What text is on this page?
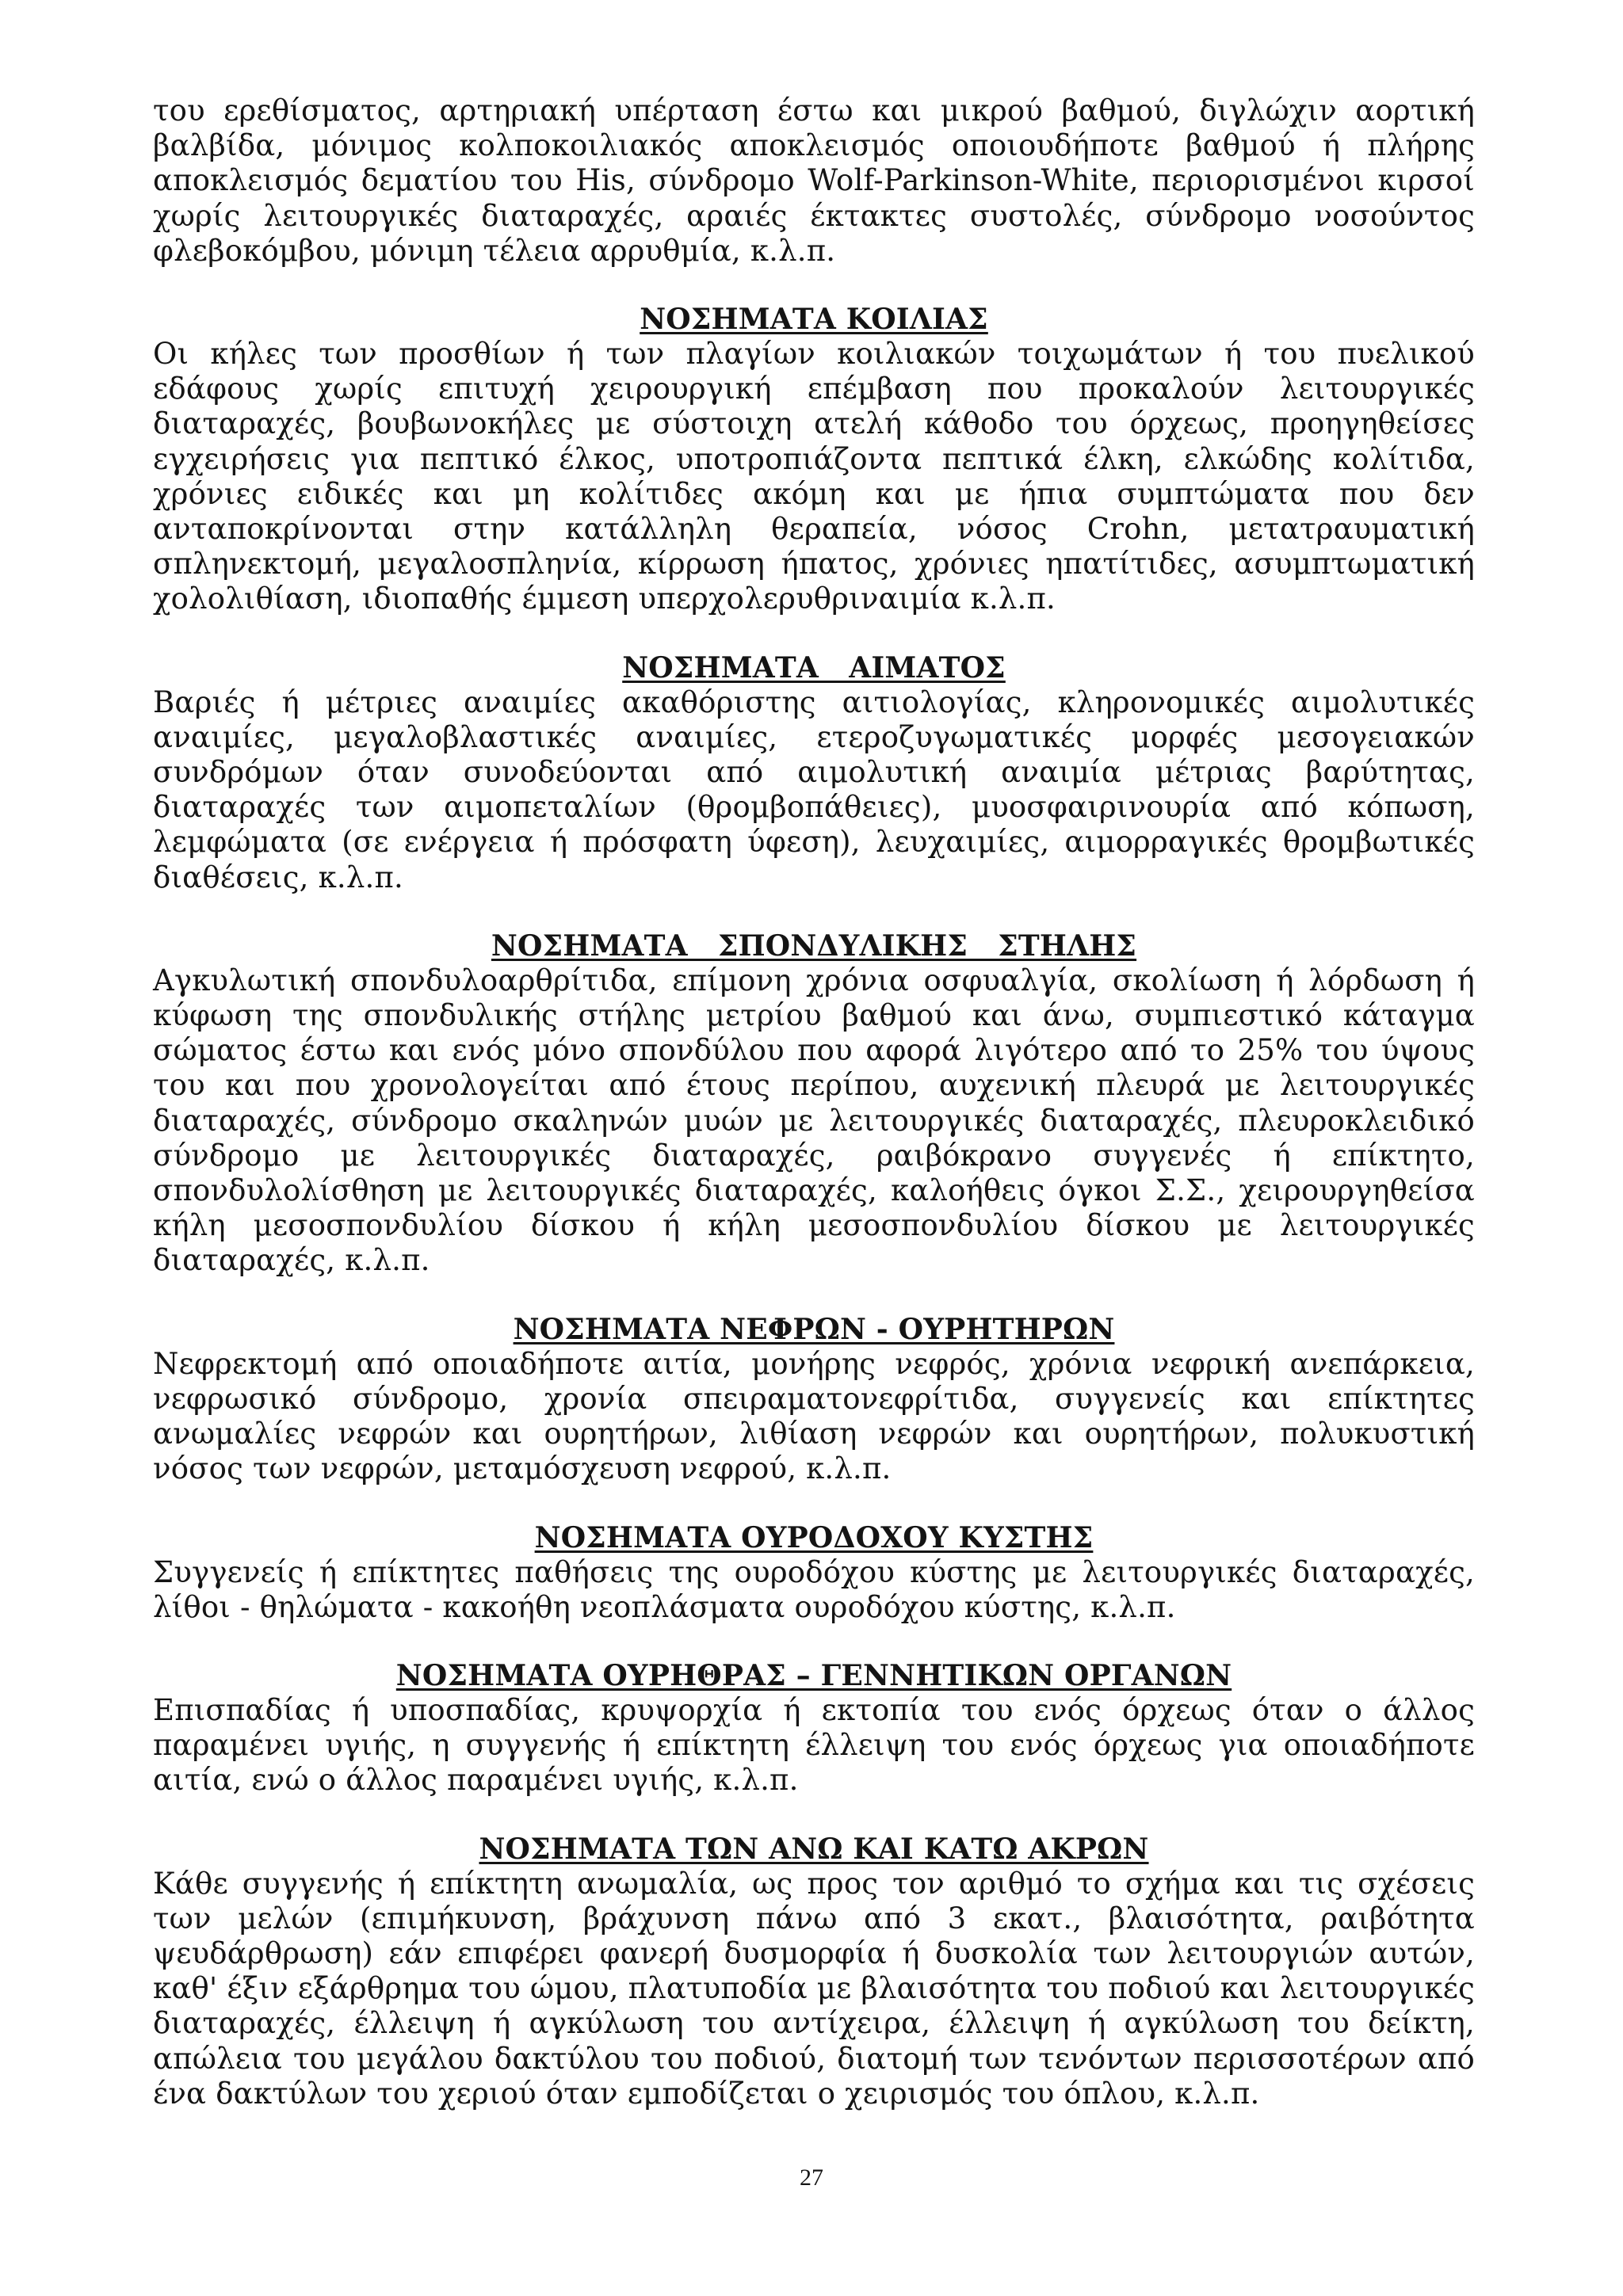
του ερεθίσματος, αρτηριακή υπέρταση έστω και μικρού βαθμού, διγλώχιν αορτική βαλβίδα, μόνιμος κολποκοιλιακός αποκλεισμός οποιουδήποτε βαθμού ή πλήρης αποκλεισμός δεματίου του His, σύνδρομο Wolf-Parkinson-White, περιορισμένοι κιρσοί χωρίς λειτουργικές διαταραχές, αραιές έκτακτες συστολές, σύνδρομο νοσούντος φλεβοκόμβου, μόνιμη τέλεια αρρυθμία, κ.λ.π.

ΝΟΣΗΜΑΤΑ ΚΟΙΛΙΑΣ

Οι κήλες των προσθίων ή των πλαγίων κοιλιακών τοιχωμάτων ή του πυελικού εδάφους χωρίς επιτυχή χειρουργική επέμβαση που προκαλούν λειτουργικές διαταραχές, βουβωνοκήλες με σύστοιχη ατελή κάθοδο του όρχεως, προηγηθείσες εγχειρήσεις για πεπτικό έλκος, υποτροπιάζοντα πεπτικά έλκη, ελκώδης κολίτιδα, χρόνιες ειδικές και μη κολίτιδες ακόμη και με ήπια συμπτώματα που δεν ανταποκρίνονται στην κατάλληλη θεραπεία, νόσος Crohn, μετατραυματική σπληνεκτομή, μεγαλοσπληνία, κίρρωση ήπατος, χρόνιες ηπατίτιδες, ασυμπτωματική χολολιθίαση, ιδιοπαθής έμμεση υπερχολερυθριναιμία κ.λ.π.

ΝΟΣΗΜΑΤΑ   ΑΙΜΑΤΟΣ

Βαριές ή μέτριες αναιμίες ακαθόριστης αιτιολογίας, κληρονομικές αιμολυτικές αναιμίες, μεγαλοβλαστικές αναιμίες, ετεροζυγωματικές μορφές μεσογειακών συνδρόμων όταν συνοδεύονται από αιμολυτική αναιμία μέτριας βαρύτητας, διαταραχές των αιμοπεταλίων (θρομβοπάθειες), μυοσφαιρινουρία από κόπωση, λεμφώματα (σε ενέργεια ή πρόσφατη ύφεση), λευχαιμίες, αιμορραγικές θρομβωτικές διαθέσεις, κ.λ.π.

ΝΟΣΗΜΑΤΑ   ΣΠΟΝΔΥΛΙΚΗΣ   ΣΤΗΛΗΣ

Αγκυλωτική σπονδυλοαρθρίτιδα, επίμονη χρόνια οσφυαλγία, σκολίωση ή λόρδωση ή κύφωση της σπονδυλικής στήλης μετρίου βαθμού και άνω, συμπιεστικό κάταγμα σώματος έστω και ενός μόνο σπονδύλου που αφορά λιγότερο από το 25% του ύψους του και που χρονολογείται από έτους περίπου, αυχενική πλευρά με λειτουργικές διαταραχές, σύνδρομο σκαληνών μυών με λειτουργικές διαταραχές, πλευροκλειδικό σύνδρομο με λειτουργικές διαταραχές, ραιβόκρανο συγγενές ή επίκτητο, σπονδυλολίσθηση με λειτουργικές διαταραχές, καλοήθεις όγκοι Σ.Σ., χειρουργηθείσα κήλη μεσοσπονδυλίου δίσκου ή κήλη μεσοσπονδυλίου δίσκου με λειτουργικές διαταραχές, κ.λ.π.

ΝΟΣΗΜΑΤΑ ΝΕΦΡΩΝ - ΟΥΡΗΤΗΡΩΝ

Νεφρεκτομή από οποιαδήποτε αιτία, μονήρης νεφρός, χρόνια νεφρική ανεπάρκεια, νεφρωσικό σύνδρομο, χρονία σπειραματονεφρίτιδα, συγγενείς και επίκτητες ανωμαλίες νεφρών και ουρητήρων, λιθίαση νεφρών και ουρητήρων, πολυκυστική νόσος των νεφρών, μεταμόσχευση νεφρού, κ.λ.π.

ΝΟΣΗΜΑΤΑ ΟΥΡΟΔΟΧΟΥ ΚΥΣΤΗΣ

Συγγενείς ή επίκτητες παθήσεις της ουροδόχου κύστης με λειτουργικές διαταραχές, λίθοι - θηλώματα - κακοήθη νεοπλάσματα ουροδόχου κύστης, κ.λ.π.

ΝΟΣΗΜΑΤΑ ΟΥΡΗΘΡΑΣ – ΓΕΝΝΗΤΙΚΩΝ ΟΡΓΑΝΩΝ

Επισπαδίας ή υποσπαδίας, κρυψορχία ή εκτοπία του ενός όρχεως όταν ο άλλος παραμένει υγιής, η συγγενής ή επίκτητη έλλειψη του ενός όρχεως για οποιαδήποτε αιτία, ενώ ο άλλος παραμένει υγιής, κ.λ.π.

ΝΟΣΗΜΑΤΑ ΤΩΝ ΑΝΩ ΚΑΙ ΚΑΤΩ ΑΚΡΩΝ

Κάθε συγγενής ή επίκτητη ανωμαλία, ως προς τον αριθμό το σχήμα και τις σχέσεις των μελών (επιμήκυνση, βράχυνση πάνω από 3 εκατ., βλαισότητα, ραιβότητα ψευδάρθρωση) εάν επιφέρει φανερή δυσμορφία ή δυσκολία των λειτουργιών αυτών, καθ' έξιν εξάρθρημα του ώμου, πλατυποδία με βλαισότητα του ποδιού και λειτουργικές διαταραχές, έλλειψη ή αγκύλωση του αντίχειρα, έλλειψη ή αγκύλωση του δείκτη, απώλεια του μεγάλου δακτύλου του ποδιού, διατομή των τενόντων περισσοτέρων από ένα δακτύλων του χεριού όταν εμποδίζεται ο χειρισμός του όπλου, κ.λ.π.

27
